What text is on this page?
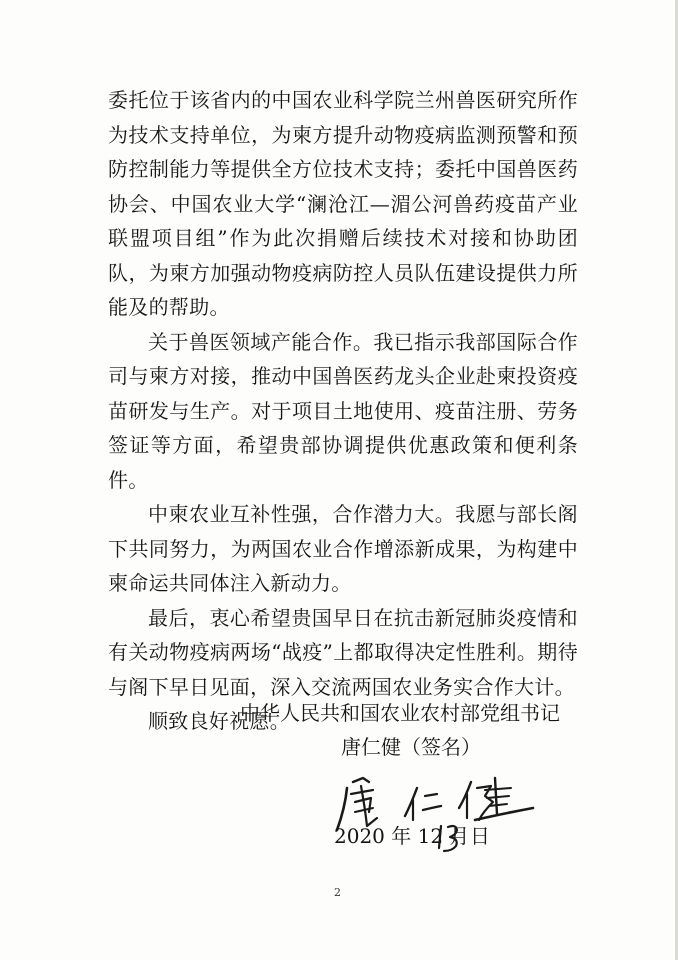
委托位于该省内的中国农业科学院兰州兽医研究所作为技术支持单位，为柬方提升动物疫病监测预警和预防控制能力等提供全方位技术支持；委托中国兽医药协会、中国农业大学“澜沧江—湄公河兽药疫苗产业联盟项目组”作为此次捐赠后续技术对接和协助团队，为柬方加强动物疫病防控人员队伍建设提供力所能及的帮助。

关于兽医领域产能合作。我已指示我部国际合作司与柬方对接，推动中国兽医药龙头企业赴柬投资疫苗研发与生产。对于项目土地使用、疫苗注册、劳务签证等方面，希望贵部协调提供优惠政策和便利条件。

中柬农业互补性强，合作潜力大。我愿与部长阁下共同努力，为两国农业合作增添新成果，为构建中柬命运共同体注入新动力。

最后，衷心希望贵国早日在抗击新冠肺炎疫情和有关动物疫病两场“战疫”上都取得决定性胜利。期待与阁下早日见面，深入交流两国农业务实合作大计。

顺致良好祝愿。

中华人民共和国农业农村部党组书记
唐仁健（签名）
2020 年 12 月 日
2
